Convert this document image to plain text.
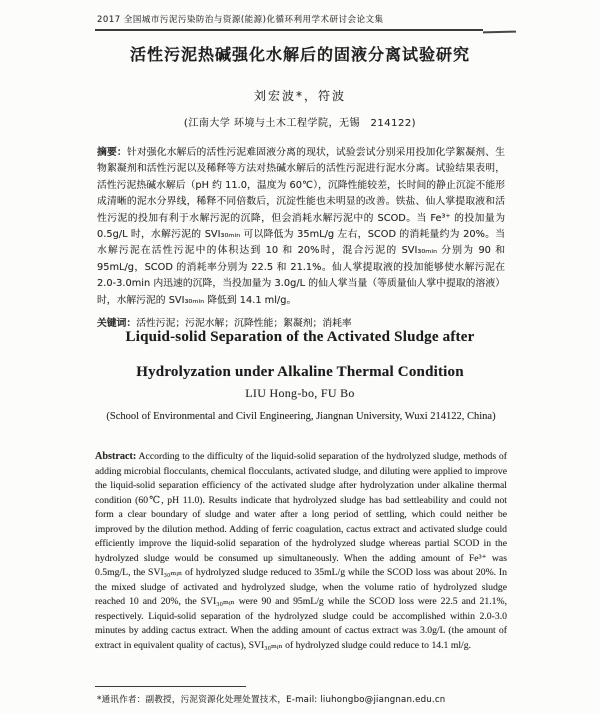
2017 全国城市污泥污染防治与资源(能源)化循环利用学术研讨会论文集
活性污泥热碱强化水解后的固液分离试验研究
刘宏波*，符波
(江南大学 环境与土木工程学院，无锡　214122)

摘要：针对强化水解后的活性污泥难固液分离的现状，试验尝试分别采用投加化学絮凝剂、生物絮凝剂和活性污泥以及稀释等方法对热碱水解后的活性污泥进行泥水分离。试验结果表明，活性污泥热碱水解后（pH 约 11.0，温度为 60℃），沉降性能较差，长时间的静止沉淀不能形成清晰的泥水分界线，稀释不同倍数后，沉淀性能也未明显的改善。铁盐、仙人掌提取液和活性污泥的投加有利于水解污泥的沉降，但会消耗水解污泥中的 SCOD。当 Fe³⁺ 的投加量为 0.5g/L 时，水解污泥的 SVI₃₀ₘᵢₙ 可以降低为 35mL/g 左右，SCOD 的消耗量约为 20%。当水解污泥在活性污泥中的体积达到 10 和 20%时，混合污泥的 SVI₃₀ₘᵢₙ 分别为 90 和 95mL/g，SCOD 的消耗率分别为 22.5 和 21.1%。仙人掌提取液的投加能够使水解污泥在 2.0-3.0min 内迅速的沉降，当投加量为 3.0g/L 的仙人掌当量（等质量仙人掌中提取的溶液）时，水解污泥的 SVI₃₀ₘᵢₙ 降低到 14.1 ml/g。

关键词：活性污泥；污泥水解；沉降性能；絮凝剂；消耗率

Liquid-solid Separation of the Activated Sludge after
Hydrolyzation under Alkaline Thermal Condition
LIU Hong-bo, FU Bo
(School of Environmental and Civil Engineering, Jiangnan University, Wuxi 214122, China)

Abstract: According to the difficulty of the liquid-solid separation of the hydrolyzed sludge, methods of adding microbial flocculants, chemical flocculants, activated sludge, and diluting were applied to improve the liquid-solid separation efficiency of the activated sludge after hydrolyzation under alkaline thermal condition (60℃, pH 11.0). Results indicate that hydrolyzed sludge has bad settleability and could not form a clear boundary of sludge and water after a long period of settling, which could neither be improved by the dilution method. Adding of ferric coagulation, cactus extract and activated sludge could efficiently improve the liquid-solid separation of the hydrolyzed sludge whereas partial SCOD in the hydrolyzed sludge would be consumed up simultaneously. When the adding amount of Fe³⁺ was 0.5mg/L, the SVI₃₀ₘᵢₙ of hydrolyzed sludge reduced to 35mL/g while the SCOD loss was about 20%. In the mixed sludge of activated and hydrolyzed sludge, when the volume ratio of hydrolyzed sludge reached 10 and 20%, the SVI₃₀ₘᵢₙ were 90 and 95mL/g while the SCOD loss were 22.5 and 21.1%, respectively. Liquid-solid separation of the hydrolyzed sludge could be accomplished within 2.0-3.0 minutes by adding cactus extract. When the adding amount of cactus extract was 3.0g/L (the amount of extract in equivalent quality of cactus), SVI₃₀ₘᵢₙ of hydrolyzed sludge could reduce to 14.1 ml/g.

*通讯作者：副教授，污泥资源化处理处置技术，E-mail: liuhongbo@jiangnan.edu.cn
